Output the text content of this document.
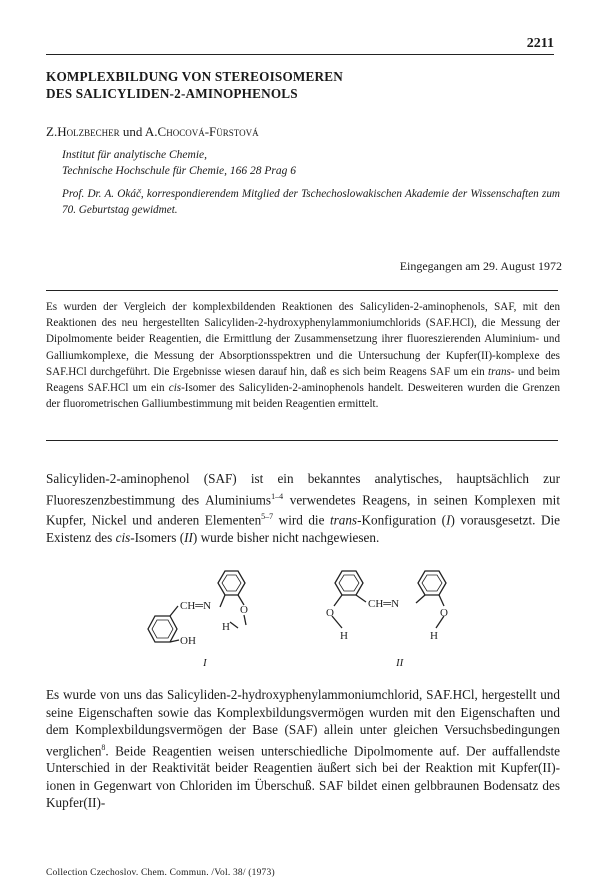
2211
KOMPLEXBILDUNG VON STEREOISOMEREN
DES SALICYLIDEN-2-AMINOPHENOLS
Z.Holzbecher und A.Chocová-Fürstová
Institut für analytische Chemie,
Technische Hochschule für Chemie, 166 28 Prag 6
Prof. Dr. A. Okáč, korrespondierendem Mitglied der Tschechoslowakischen Akademie der Wissenschaften zum 70. Geburtstag gewidmet.
Eingegangen am 29. August 1972
Es wurden der Vergleich der komplexbildenden Reaktionen des Salicyliden-2-aminophenols, SAF, mit den Reaktionen des neu hergestellten Salicyliden-2-hydroxyphenylammoniumchlorids (SAF.HCl), die Messung der Dipolmomente beider Reagentien, die Ermittlung der Zusammensetzung ihrer fluoreszierenden Aluminium- und Galliumkomplexe, die Messung der Absorptionsspektren und die Untersuchung der Kupfer(II)-komplexe des SAF.HCl durchgeführt. Die Ergebnisse wiesen darauf hin, daß es sich beim Reagens SAF um ein trans- und beim Reagens SAF.HCl um ein cis-Isomer des Salicyliden-2-aminophenols handelt. Desweiteren wurden die Grenzen der fluorometrischen Galliumbestimmung mit beiden Reagentien ermittelt.
Salicyliden-2-aminophenol (SAF) ist ein bekanntes analytisches, hauptsächlich zur Fluoreszenzbestimmung des Aluminiums$^{1-4}$ verwendetes Reagens, in seinen Komplexen mit Kupfer, Nickel und anderen Elementen$^{5-7}$ wird die trans-Konfiguration (I) vorausgesetzt. Die Existenz des cis-Isomers (II) wurde bisher nicht nachgewiesen.
CH═N
OH
O
H
I
CH═N
O	O
H	H
II
Es wurde von uns das Salicyliden-2-hydroxyphenylammoniumchlorid, SAF.HCl, hergestellt und seine Eigenschaften sowie das Komplexbildungsvermögen wurden mit den Eigenschaften und dem Komplexbildungsvermögen der Base (SAF) allein unter gleichen Versuchsbedingungen verglichen$^8$. Beide Reagentien weisen unterschiedliche Dipolmomente auf. Der auffallendste Unterschied in der Reaktivität beider Reagentien äußert sich bei der Reaktion mit Kupfer(II)-ionen in Gegenwart von Chloriden im Überschuß. SAF bildet einen gelbbraunen Bodensatz des Kupfer(II)-
Collection Czechoslov. Chem. Commun. /Vol. 38/ (1973)
